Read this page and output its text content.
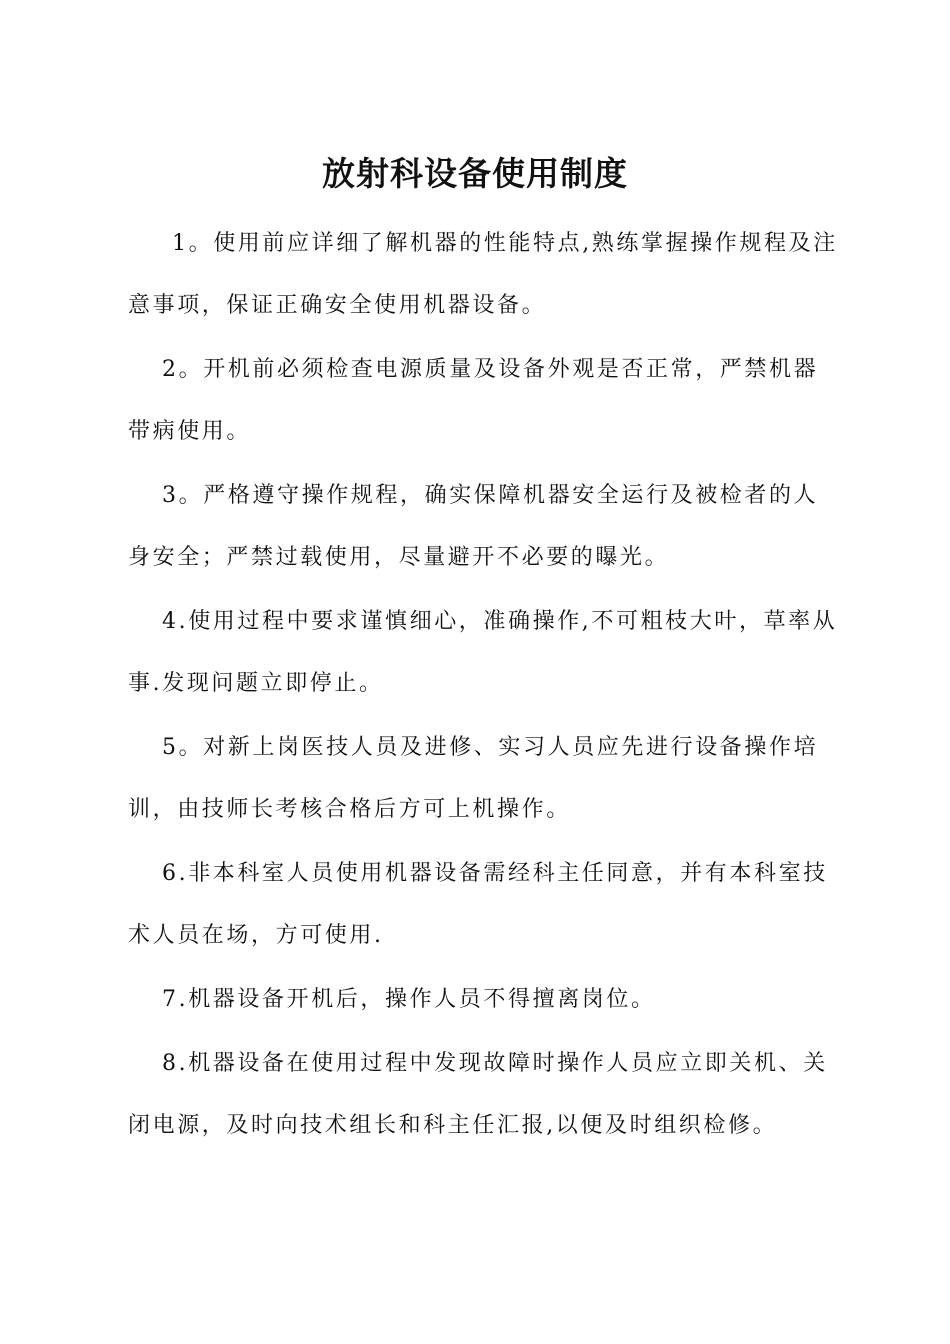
放射科设备使用制度

1。使用前应详细了解机器的性能特点,熟练掌握操作规程及注意事项，保证正确安全使用机器设备。

2。开机前必须检查电源质量及设备外观是否正常，严禁机器带病使用。

3。严格遵守操作规程，确实保障机器安全运行及被检者的人身安全；严禁过载使用，尽量避开不必要的曝光。

4.使用过程中要求谨慎细心，准确操作,不可粗枝大叶，草率从事.发现问题立即停止。

5。对新上岗医技人员及进修、实习人员应先进行设备操作培训，由技师长考核合格后方可上机操作。

6.非本科室人员使用机器设备需经科主任同意，并有本科室技术人员在场，方可使用.

7.机器设备开机后，操作人员不得擅离岗位。

8.机器设备在使用过程中发现故障时操作人员应立即关机、关闭电源，及时向技术组长和科主任汇报,以便及时组织检修。
